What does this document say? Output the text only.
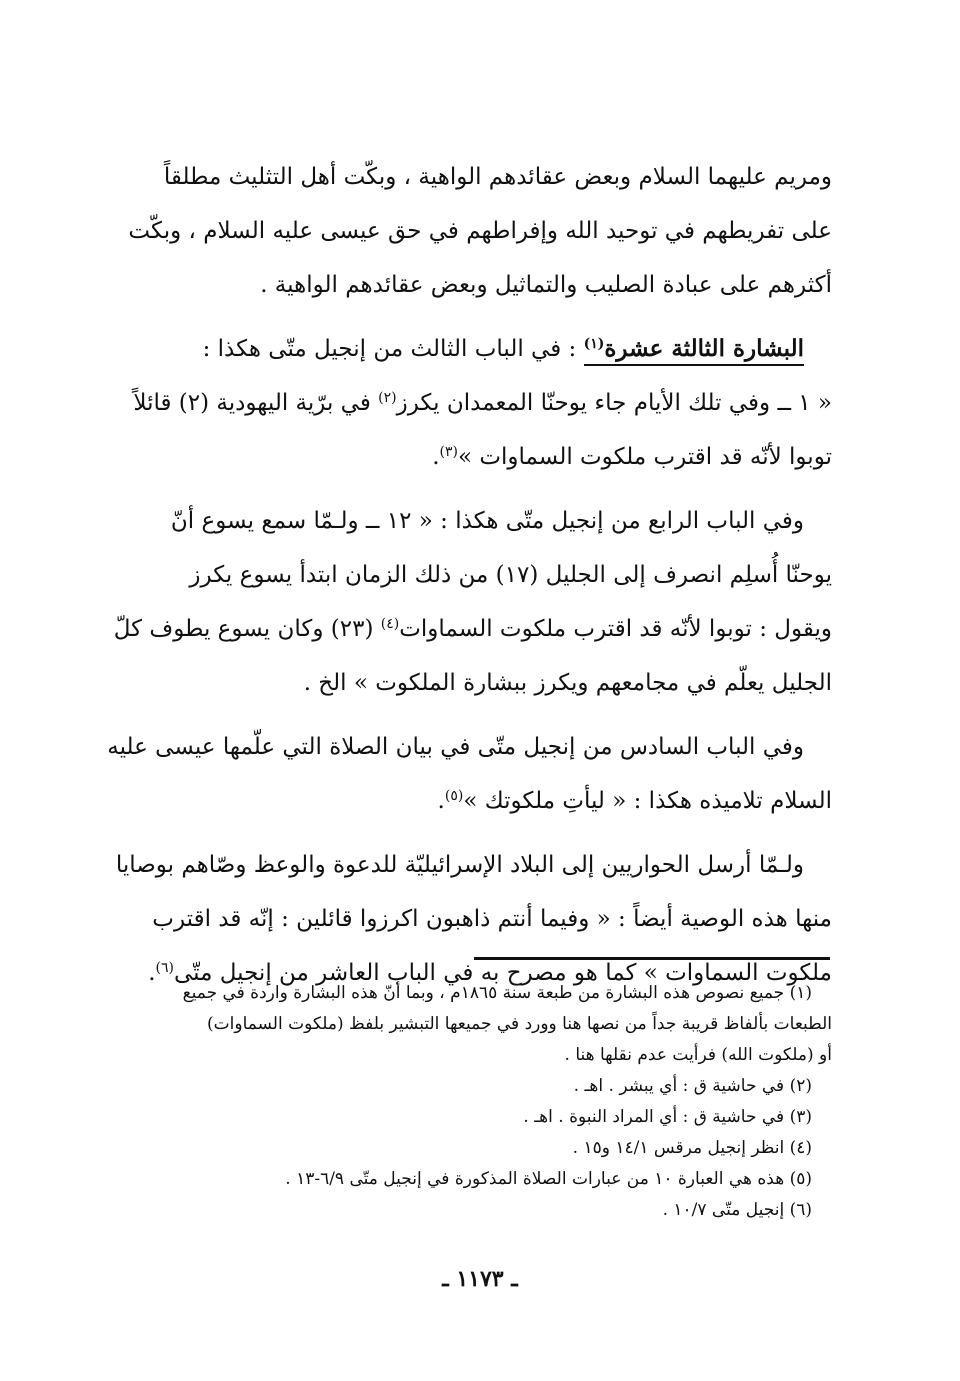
ومريم عليهما السلام وبعض عقائدهم الواهية ، وبكّت أهل التثليث مطلقاً
على تفريطهم في توحيد الله وإفراطهم في حق عيسى عليه السلام ، وبكّت
أكثرهم على عبادة الصليب والتماثيل وبعض عقائدهم الواهية .
البشارة الثالثة عشرة$^{(١)}$ : في الباب الثالث من إنجيل متّى هكذا :
« ١ ــ وفي تلك الأيام جاء يوحنّا المعمدان يكرز$^{(٢)}$ في برّية اليهودية (٢) قائلاً
توبوا لأنّه قد اقترب ملكوت السماوات »$^{(٣)}$.
وفي الباب الرابع من إنجيل متّى هكذا : « ١٢ ــ ولـمّا سمع يسوع أنّ
يوحنّا أُسلِم انصرف إلى الجليل (١٧) من ذلك الزمان ابتدأ يسوع يكرز
ويقول : توبوا لأنّه قد اقترب ملكوت السماوات$^{(٤)}$ (٢٣) وكان يسوع يطوف كلّ
الجليل يعلّم في مجامعهم ويكرز ببشارة الملكوت » الخ .
وفي الباب السادس من إنجيل متّى في بيان الصلاة التي علّمها عيسى عليه
السلام تلاميذه هكذا : « ليأتِ ملكوتك »$^{(٥)}$.
ولـمّا أرسل الحواريين إلى البلاد الإسرائيليّة للدعوة والوعظ وصّاهم بوصايا
منها هذه الوصية أيضاً : « وفيما أنتم ذاهبون اكرزوا قائلين : إنّه قد اقترب
ملكوت السماوات » كما هو مصرح به في الباب العاشر من إنجيل متّى$^{(٦)}$.
(١) جميع نصوص هذه البشارة من طبعة سنة ١٨٦٥م ، وبما أنّ هذه البشارة واردة في جميع
الطبعات بألفاظ قريبة جداً من نصها هنا وورد في جميعها التبشير بلفظ (ملكوت السماوات)
أو (ملكوت الله) فرأيت عدم نقلها هنا .
(٢) في حاشية ق : أي يبشر . اهـ .
(٣) في حاشية ق : أي المراد النبوة . اهـ .
(٤) انظر إنجيل مرقس ١٤/١ و١٥ .
(٥) هذه هي العبارة ١٠ من عبارات الصلاة المذكورة في إنجيل متّى ٦/٩-١٣ .
(٦) إنجيل متّى ١٠/٧ .
ـ ١١٧٣ ـ
